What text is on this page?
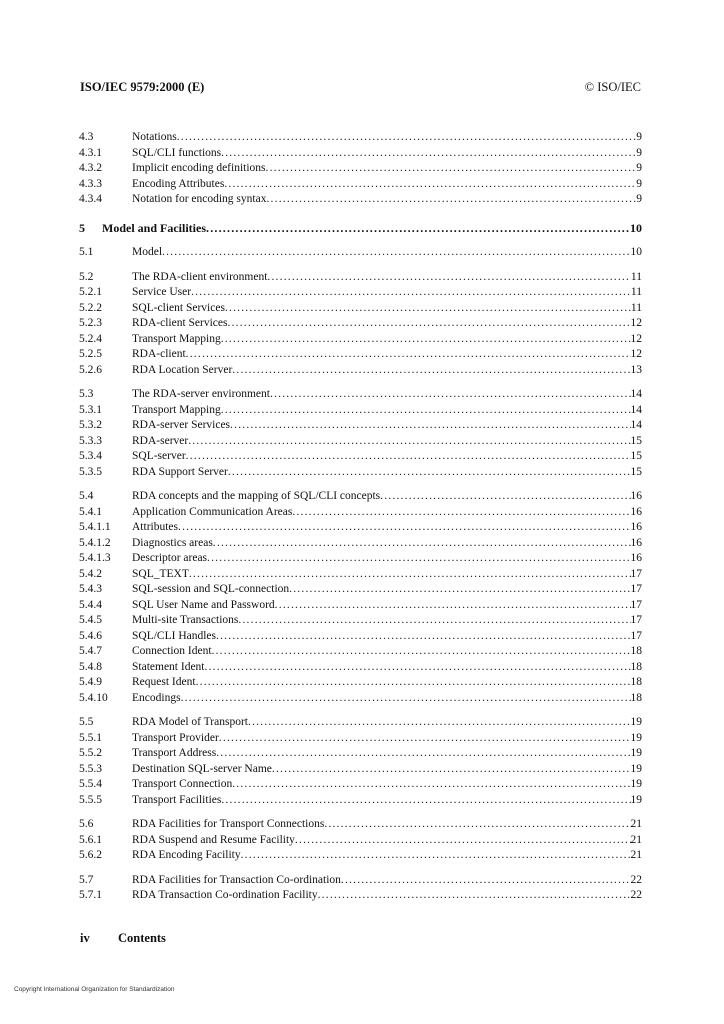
ISO/IEC 9579:2000 (E)	© ISO/IEC
4.3	Notations .....	9
4.3.1	SQL/CLI functions .....	9
4.3.2	Implicit encoding definitions .....	9
4.3.3	Encoding Attributes .....	9
4.3.4	Notation for encoding syntax .....	9
5 Model and Facilities .....	10
5.1	Model .....	10
5.2	The RDA-client environment .....	11
5.2.1	Service User .....	11
5.2.2	SQL-client Services .....	11
5.2.3	RDA-client Services .....	12
5.2.4	Transport Mapping .....	12
5.2.5	RDA-client .....	12
5.2.6	RDA Location Server .....	13
5.3	The RDA-server environment .....	14
5.3.1	Transport Mapping .....	14
5.3.2	RDA-server Services .....	14
5.3.3	RDA-server .....	15
5.3.4	SQL-server .....	15
5.3.5	RDA Support Server .....	15
5.4	RDA concepts and the mapping of SQL/CLI concepts .....	16
5.4.1	Application Communication Areas .....	16
5.4.1.1 Attributes .....	16
5.4.1.2 Diagnostics areas .....	16
5.4.1.3 Descriptor areas .....	16
5.4.2	SQL_TEXT .....	17
5.4.3	SQL-session and SQL-connection .....	17
5.4.4	SQL User Name and Password .....	17
5.4.5	Multi-site Transactions .....	17
5.4.6	SQL/CLI Handles .....	17
5.4.7	Connection Ident .....	18
5.4.8	Statement Ident .....	18
5.4.9	Request Ident .....	18
5.4.10 Encodings .....	18
5.5	RDA Model of Transport .....	19
5.5.1	Transport Provider .....	19
5.5.2	Transport Address .....	19
5.5.3	Destination SQL-server Name .....	19
5.5.4	Transport Connection .....	19
5.5.5	Transport Facilities .....	19
5.6	RDA Facilities for Transport Connections .....	21
5.6.1	RDA Suspend and Resume Facility .....	21
5.6.2	RDA Encoding Facility .....	21
5.7	RDA Facilities for Transaction Co-ordination .....	22
5.7.1	RDA Transaction Co-ordination Facility .....	22
iv Contents
Copyright International Organization for Standardization
